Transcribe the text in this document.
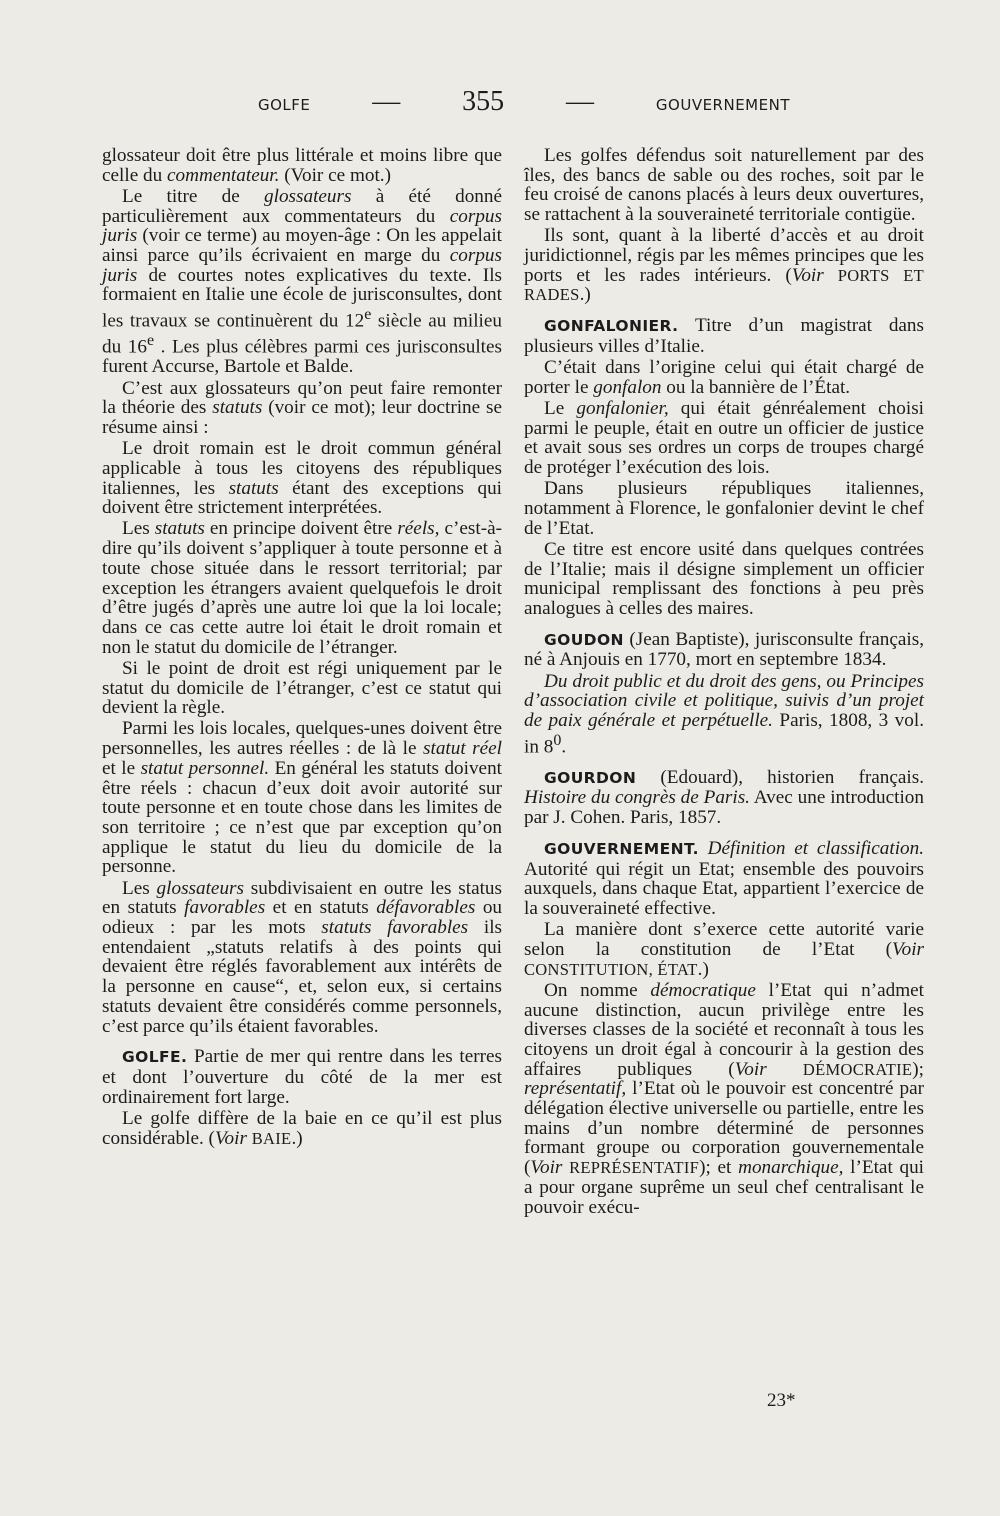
GOLFE — 355 —	GOUVERNEMENT

glossateur doit être plus littérale et moins libre que celle du commentateur. (Voir ce mot.)

Le titre de glossateurs à été donné particulièrement aux commentateurs du corpus juris (voir ce terme) au moyen-âge : On les appelait ainsi parce qu’ils écrivaient en marge du corpus juris de courtes notes explicatives du texte. Ils formaient en Italie une école de jurisconsultes, dont les travaux se continuèrent du 12e siècle au milieu du 16e . Les plus célèbres parmi ces jurisconsultes furent Accurse, Bartole et Balde.

C’est aux glossateurs qu’on peut faire remonter la théorie des statuts (voir ce mot); leur doctrine se résume ainsi :

Le droit romain est le droit commun général applicable à tous les citoyens des républiques italiennes, les statuts étant des exceptions qui doivent être strictement interprétées.

Les statuts en principe doivent être réels, c’est-à-dire qu’ils doivent s’appliquer à toute personne et à toute chose située dans le ressort territorial; par exception les étrangers avaient quelquefois le droit d’être jugés d’après une autre loi que la loi locale; dans ce cas cette autre loi était le droit romain et non le statut du domicile de l’étranger.

Si le point de droit est régi uniquement par le statut du domicile de l’étranger, c’est ce statut qui devient la règle.

Parmi les lois locales, quelques-unes doivent être personnelles, les autres réelles : de là le statut réel et le statut personnel. En général les statuts doivent être réels : chacun d’eux doit avoir autorité sur toute personne et en toute chose dans les limites de son territoire ; ce n’est que par exception qu’on applique le statut du lieu du domicile de la personne.

Les glossateurs subdivisaient en outre les status en statuts favorables et en statuts défavorables ou odieux : par les mots statuts favorables ils entendaient „statuts relatifs à des points qui devaient être réglés favorablement aux intérêts de la personne en cause“, et, selon eux, si certains statuts devaient être considérés comme personnels, c’est parce qu’ils étaient favorables.

GOLFE. Partie de mer qui rentre dans les terres et dont l’ouverture du côté de la mer est ordinairement fort large.

Le golfe diffère de la baie en ce qu’il est plus considérable. (Voir BAIE.)

Les golfes défendus soit naturellement par des îles, des bancs de sable ou des roches, soit par le feu croisé de canons placés à leurs deux ouvertures, se rattachent à la souveraineté territoriale contigüe.

Ils sont, quant à la liberté d’accès et au droit juridictionnel, régis par les mêmes principes que les ports et les rades intérieurs. (Voir PORTS ET RADES.)

GONFALONIER. Titre d’un magistrat dans plusieurs villes d’Italie.

C’était dans l’origine celui qui était chargé de porter le gonfalon ou la bannière de l’État.

Le gonfalonier, qui était génréalement choisi parmi le peuple, était en outre un officier de justice et avait sous ses ordres un corps de troupes chargé de protéger l’exécution des lois.

Dans plusieurs républiques italiennes, notamment à Florence, le gonfalonier devint le chef de l’Etat.

Ce titre est encore usité dans quelques contrées de l’Italie; mais il désigne simplement un officier municipal remplissant des fonctions à peu près analogues à celles des maires.

GOUDON (Jean Baptiste), jurisconsulte français, né à Anjouis en 1770, mort en septembre 1834.

Du droit public et du droit des gens, ou Principes d’association civile et politique, suivis d’un projet de paix générale et perpétuelle. Paris, 1808, 3 vol. in $8^0$.

GOURDON (Edouard), historien français. Histoire du congrès de Paris. Avec une introduction par J. Cohen. Paris, 1857.

GOUVERNEMENT. Définition et classification. Autorité qui régit un Etat; ensemble des pouvoirs auxquels, dans chaque Etat, appartient l’exercice de la souveraineté effective.

La manière dont s’exerce cette autorité varie selon la constitution de l’Etat (Voir CONSTITUTION, ÉTAT.)

On nomme démocratique l’Etat qui n’admet aucune distinction, aucun privilège entre les diverses classes de la société et reconnaît à tous les citoyens un droit égal à concourir à la gestion des affaires publiques (Voir DÉMOCRATIE); représentatif, l’Etat où le pouvoir est concentré par délégation élective universelle ou partielle, entre les mains d’un nombre déterminé de personnes formant groupe ou corporation gouvernementale (Voir REPRÉSENTATIF); et monarchique, l’Etat qui a pour organe suprême un seul chef centralisant le pouvoir exécu-

23*
